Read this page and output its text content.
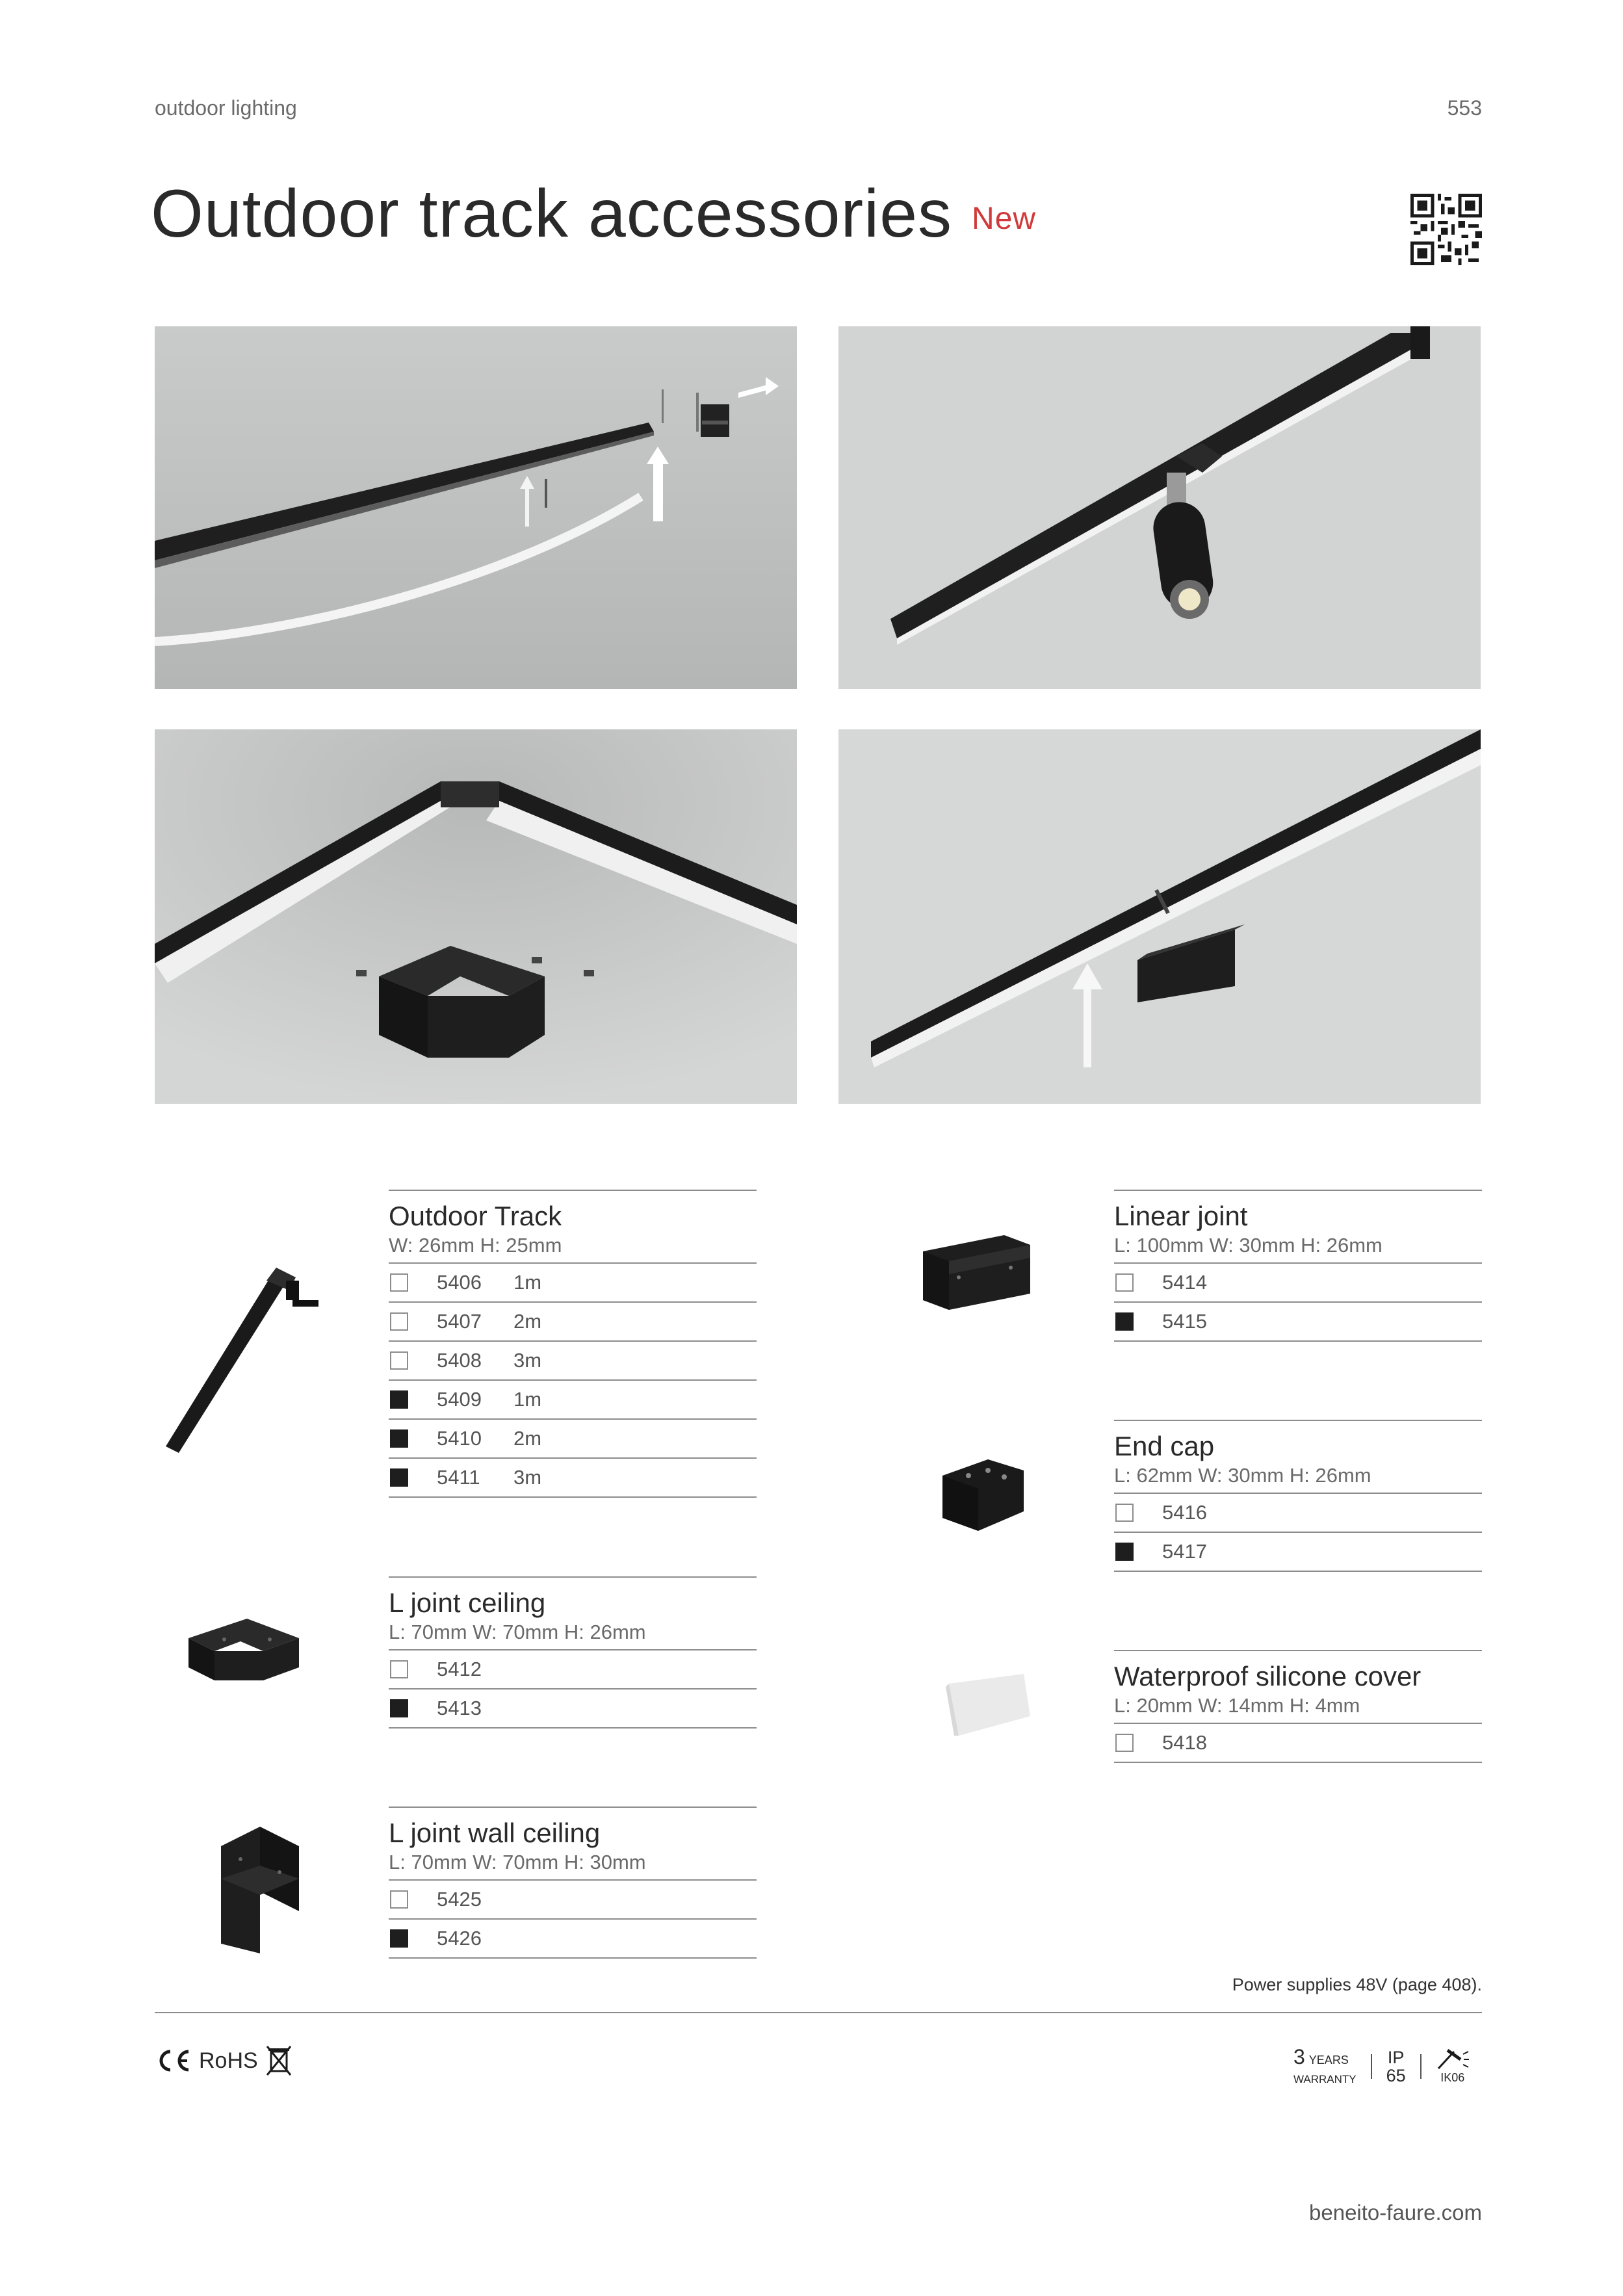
outdoor lighting	553
Outdoor track accessories New
Outdoor Track
W: 26mm H: 25mm
5406	1m
5407	2m
5408	3m
5409	1m
5410	2m
5411	3m
L joint ceiling
L: 70mm W: 70mm H: 26mm
5412
5413
L joint wall ceiling
L: 70mm W: 70mm H: 30mm
5425
5426
Linear joint
L: 100mm W: 30mm H: 26mm
5414
5415
End cap
L: 62mm W: 30mm H: 26mm
5416
5417
Waterproof silicone cover
L: 20mm W: 14mm H: 4mm
5418
Power supplies 48V (page 408).
RoHS	3 YEARS
WARRANTY
IP
65	IK06
beneito-faure.com
